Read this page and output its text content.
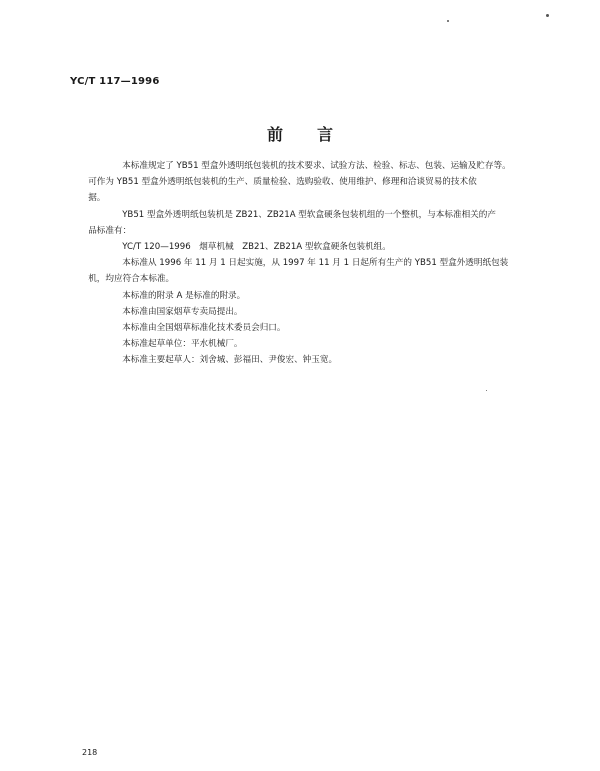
YC/T 117—1996
前 言
本标准规定了 YB51 型盒外透明纸包装机的技术要求、试验方法、检验、标志、包装、运输及贮存等。
可作为 YB51 型盒外透明纸包装机的生产、质量检验、选购验收、使用维护、修理和洽谈贸易的技术依
据。
YB51 型盒外透明纸包装机是 ZB21、ZB21A 型软盒硬条包装机组的一个整机，与本标准相关的产
品标准有：
YC/T 120—1996　烟草机械　ZB21、ZB21A 型软盒硬条包装机组。
本标准从 1996 年 11 月 1 日起实施，从 1997 年 11 月 1 日起所有生产的 YB51 型盒外透明纸包装
机，均应符合本标准。
本标准的附录 A 是标准的附录。
本标准由国家烟草专卖局提出。
本标准由全国烟草标准化技术委员会归口。
本标准起草单位：平水机械厂。
本标准主要起草人：刘舍城、彭福田、尹俊宏、钟玉宽。
218
